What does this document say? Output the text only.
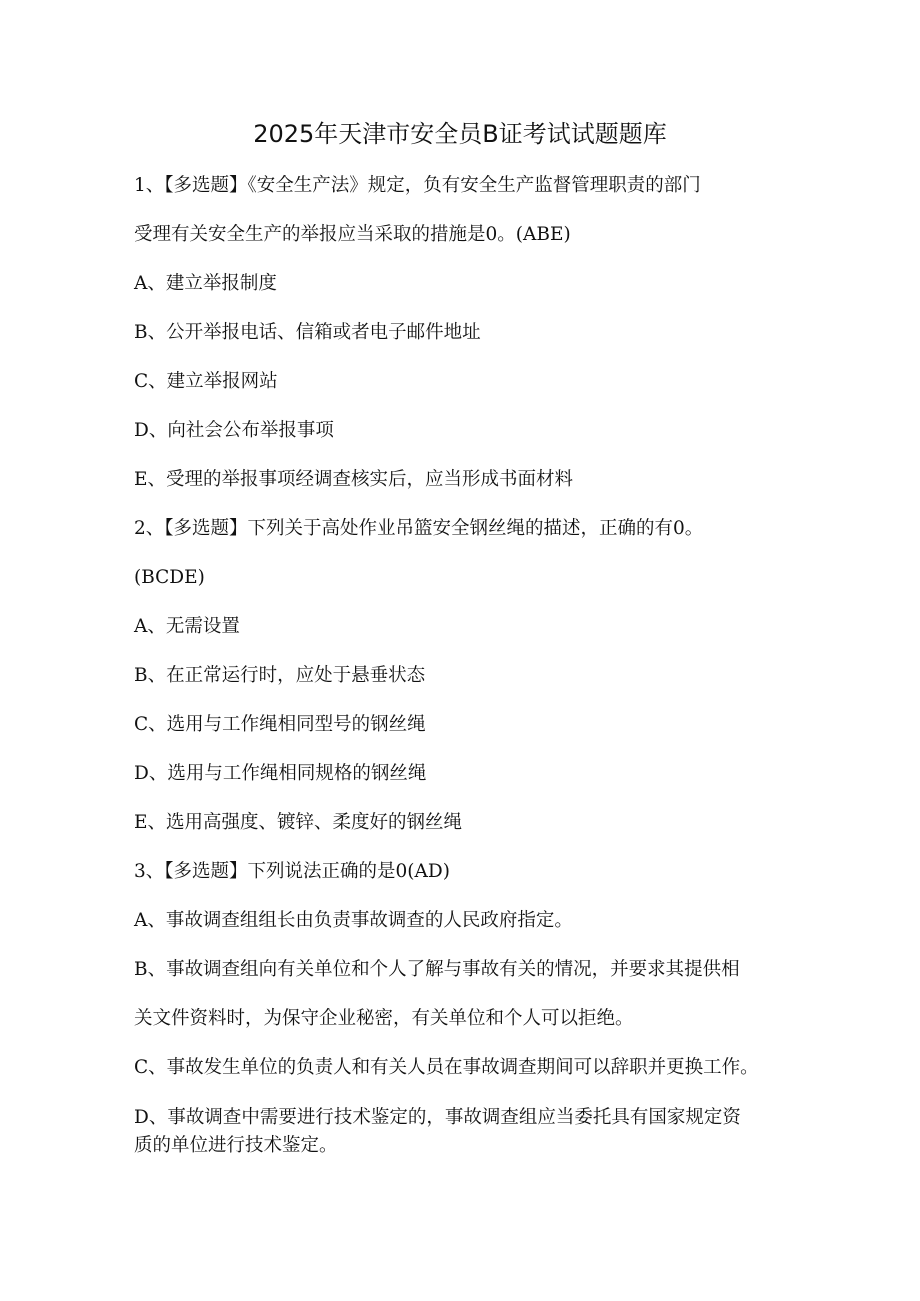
2025年天津市安全员B证考试试题题库
1、【多选题】《安全生产法》规定，负有安全生产监督管理职责的部门
受理有关安全生产的举报应当采取的措施是0。(ABE)
A、建立举报制度
B、公开举报电话、信箱或者电子邮件地址
C、建立举报网站
D、向社会公布举报事项
E、受理的举报事项经调查核实后，应当形成书面材料
2、【多选题】下列关于高处作业吊篮安全钢丝绳的描述，正确的有0。
(BCDE)
A、无需设置
B、在正常运行时，应处于悬垂状态
C、选用与工作绳相同型号的钢丝绳
D、选用与工作绳相同规格的钢丝绳
E、选用高强度、镀锌、柔度好的钢丝绳
3、【多选题】下列说法正确的是0(AD)
A、事故调查组组长由负责事故调查的人民政府指定。
B、事故调查组向有关单位和个人了解与事故有关的情况，并要求其提供相
关文件资料时，为保守企业秘密，有关单位和个人可以拒绝。
C、事故发生单位的负责人和有关人员在事故调查期间可以辞职并更换工作。
D、事故调查中需要进行技术鉴定的，事故调查组应当委托具有国家规定资
质的单位进行技术鉴定。
